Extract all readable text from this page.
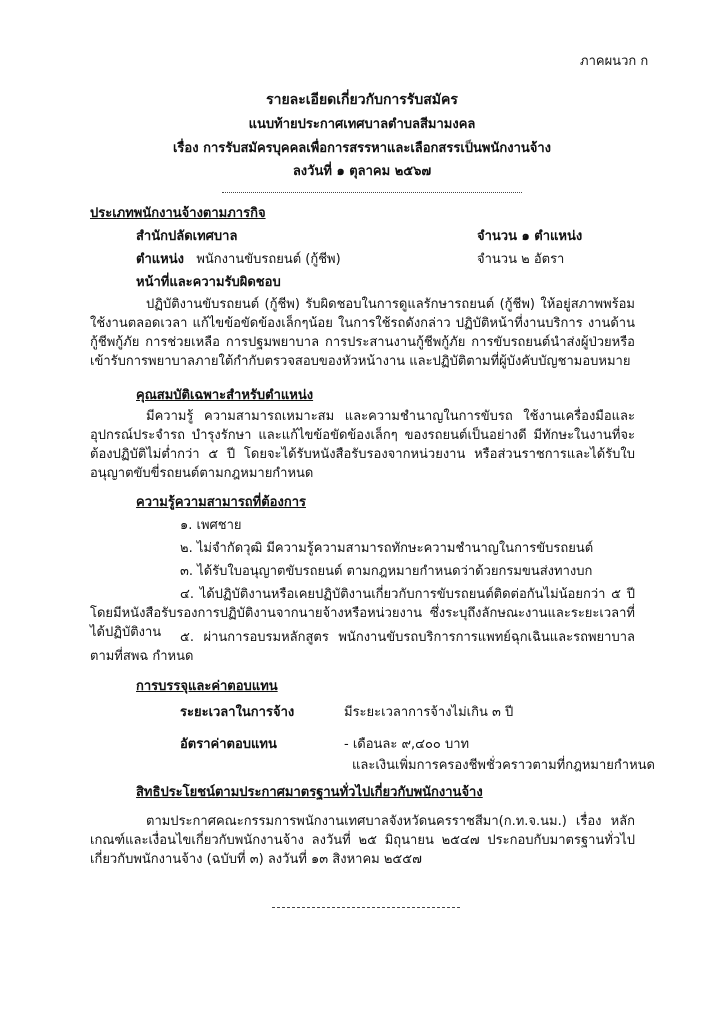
ภาคผนวก ก
รายละเอียดเกี่ยวกับการรับสมัคร
แนบท้ายประกาศเทศบาลตำบลสีมามงคล
เรื่อง การรับสมัครบุคคลเพื่อการสรรหาและเลือกสรรเป็นพนักงานจ้าง
ลงวันที่ ๑ ตุลาคม ๒๕๖๗
ประเภทพนักงานจ้างตามภารกิจ
สำนักปลัดเทศบาล	จำนวน ๑ ตำแหน่ง
ตำแหน่ง พนักงานขับรถยนต์ (กู้ชีพ)	จำนวน ๒ อัตรา
หน้าที่และความรับผิดชอบ
ปฏิบัติงานขับรถยนต์ (กู้ชีพ) รับผิดชอบในการดูแลรักษารถยนต์ (กู้ชีพ) ให้อยู่สภาพพร้อมใช้งานตลอดเวลา แก้ไขข้อขัดข้องเล็กๆน้อย ในการใช้รถดังกล่าว ปฏิบัติหน้าที่งานบริการ งานด้านกู้ชีพกู้ภัย การช่วยเหลือ การปฐมพยาบาล การประสานงานกู้ชีพกู้ภัย การขับรถยนต์นำส่งผู้ป่วยหรือเข้ารับการพยาบาลภายใต้กำกับตรวจสอบของหัวหน้างาน และปฏิบัติตามที่ผู้บังคับบัญชามอบหมาย
คุณสมบัติเฉพาะสำหรับตำแหน่ง
มีความรู้ ความสามารถเหมาะสม และความชำนาญในการขับรถ ใช้งานเครื่องมือและอุปกรณ์ประจำรถ บำรุงรักษา และแก้ไขข้อขัดข้องเล็กๆ ของรถยนต์เป็นอย่างดี มีทักษะในงานที่จะต้องปฏิบัติไม่ต่ำกว่า ๕ ปี โดยจะได้รับหนังสือรับรองจากหน่วยงาน หรือส่วนราชการและได้รับใบอนุญาตขับขี่รถยนต์ตามกฎหมายกำหนด
ความรู้ความสามารถที่ต้องการ
๑. เพศชาย
๒. ไม่จำกัดวุฒิ มีความรู้ความสามารถทักษะความชำนาญในการขับรถยนต์
๓. ได้รับใบอนุญาตขับรถยนต์ ตามกฎหมายกำหนดว่าด้วยกรมขนส่งทางบก
๔. ได้ปฏิบัติงานหรือเคยปฏิบัติงานเกี่ยวกับการขับรถยนต์ติดต่อกันไม่น้อยกว่า ๕ ปี โดยมีหนังสือรับรองการปฏิบัติงานจากนายจ้างหรือหน่วยงาน ซึ่งระบุถึงลักษณะงานและระยะเวลาที่ได้ปฏิบัติงาน	๕. ผ่านการอบรมหลักสูตร พนักงานขับรถบริการการแพทย์ฉุกเฉินและรถพยาบาล ตามที่สพฉ กำหนด
การบรรจุและค่าตอบแทน
ระยะเวลาในการจ้าง	มีระยะเวลาการจ้างไม่เกิน ๓ ปี
อัตราค่าตอบแทน	- เดือนละ ๙,๔๐๐ บาท
และเงินเพิ่มการครองชีพชั่วคราวตามที่กฎหมายกำหนด
สิทธิประโยชน์ตามประกาศมาตรฐานทั่วไปเกี่ยวกับพนักงานจ้าง
ตามประกาศคณะกรรมการพนักงานเทศบาลจังหวัดนครราชสีมา(ก.ท.จ.นม.) เรื่อง หลักเกณฑ์และเงื่อนไขเกี่ยวกับพนักงานจ้าง ลงวันที่ ๒๕ มิถุนายน ๒๕๔๗ ประกอบกับมาตรฐานทั่วไปเกี่ยวกับพนักงานจ้าง (ฉบับที่ ๓) ลงวันที่ ๑๓ สิงหาคม ๒๕๕๗
